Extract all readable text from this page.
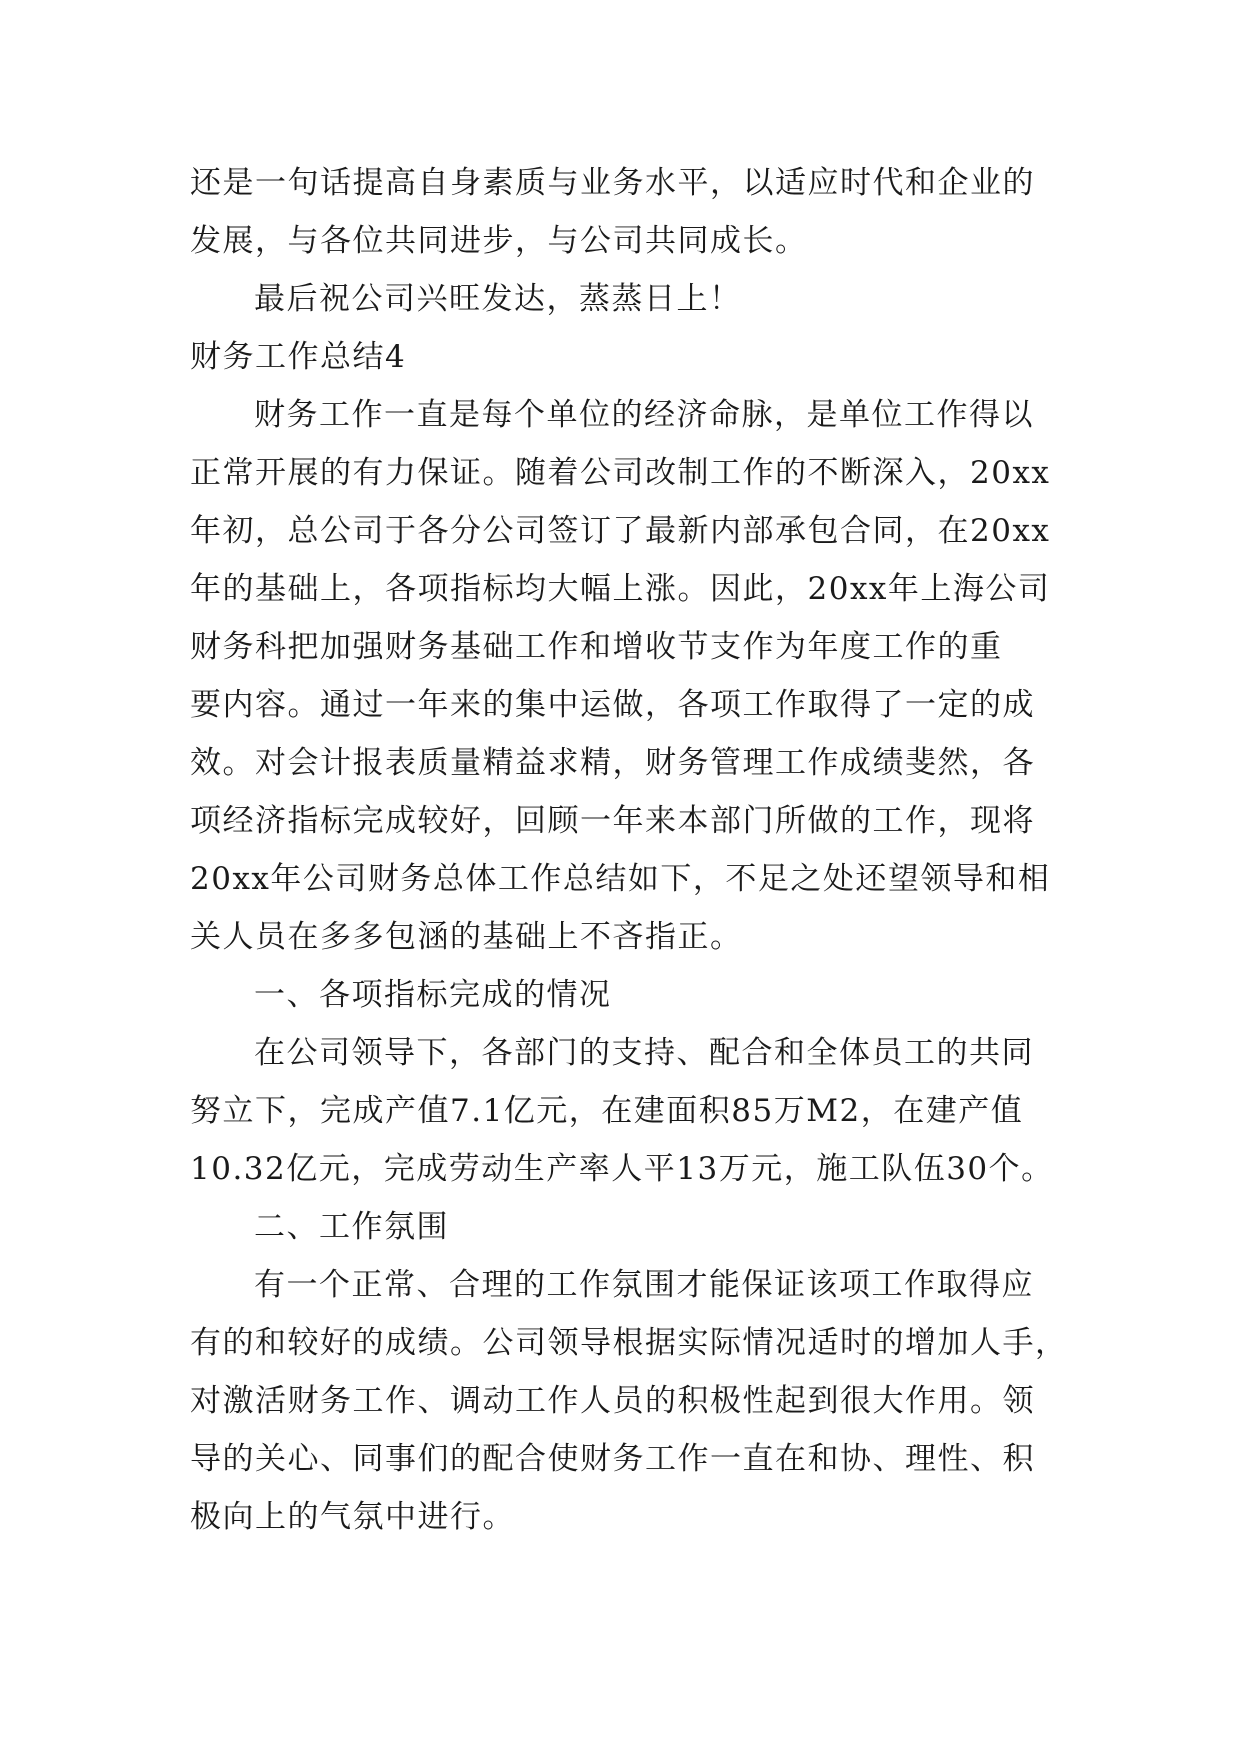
还是一句话提高自身素质与业务水平，以适应时代和企业的
发展，与各位共同进步，与公司共同成长。
最后祝公司兴旺发达，蒸蒸日上！
财务工作总结4
财务工作一直是每个单位的经济命脉，是单位工作得以
正常开展的有力保证。随着公司改制工作的不断深入，20xx
年初，总公司于各分公司签订了最新内部承包合同，在20xx
年的基础上，各项指标均大幅上涨。因此，20xx年上海公司
财务科把加强财务基础工作和增收节支作为年度工作的重
要内容。通过一年来的集中运做，各项工作取得了一定的成
效。对会计报表质量精益求精，财务管理工作成绩斐然，各
项经济指标完成较好，回顾一年来本部门所做的工作，现将
20xx年公司财务总体工作总结如下，不足之处还望领导和相
关人员在多多包涵的基础上不吝指正。
一、各项指标完成的情况
在公司领导下，各部门的支持、配合和全体员工的共同
努立下，完成产值7.1亿元，在建面积85万M2，在建产值
10.32亿元，完成劳动生产率人平13万元，施工队伍30个。
二、工作氛围
有一个正常、合理的工作氛围才能保证该项工作取得应
有的和较好的成绩。公司领导根据实际情况适时的增加人手，
对激活财务工作、调动工作人员的积极性起到很大作用。领
导的关心、同事们的配合使财务工作一直在和协、理性、积
极向上的气氛中进行。
